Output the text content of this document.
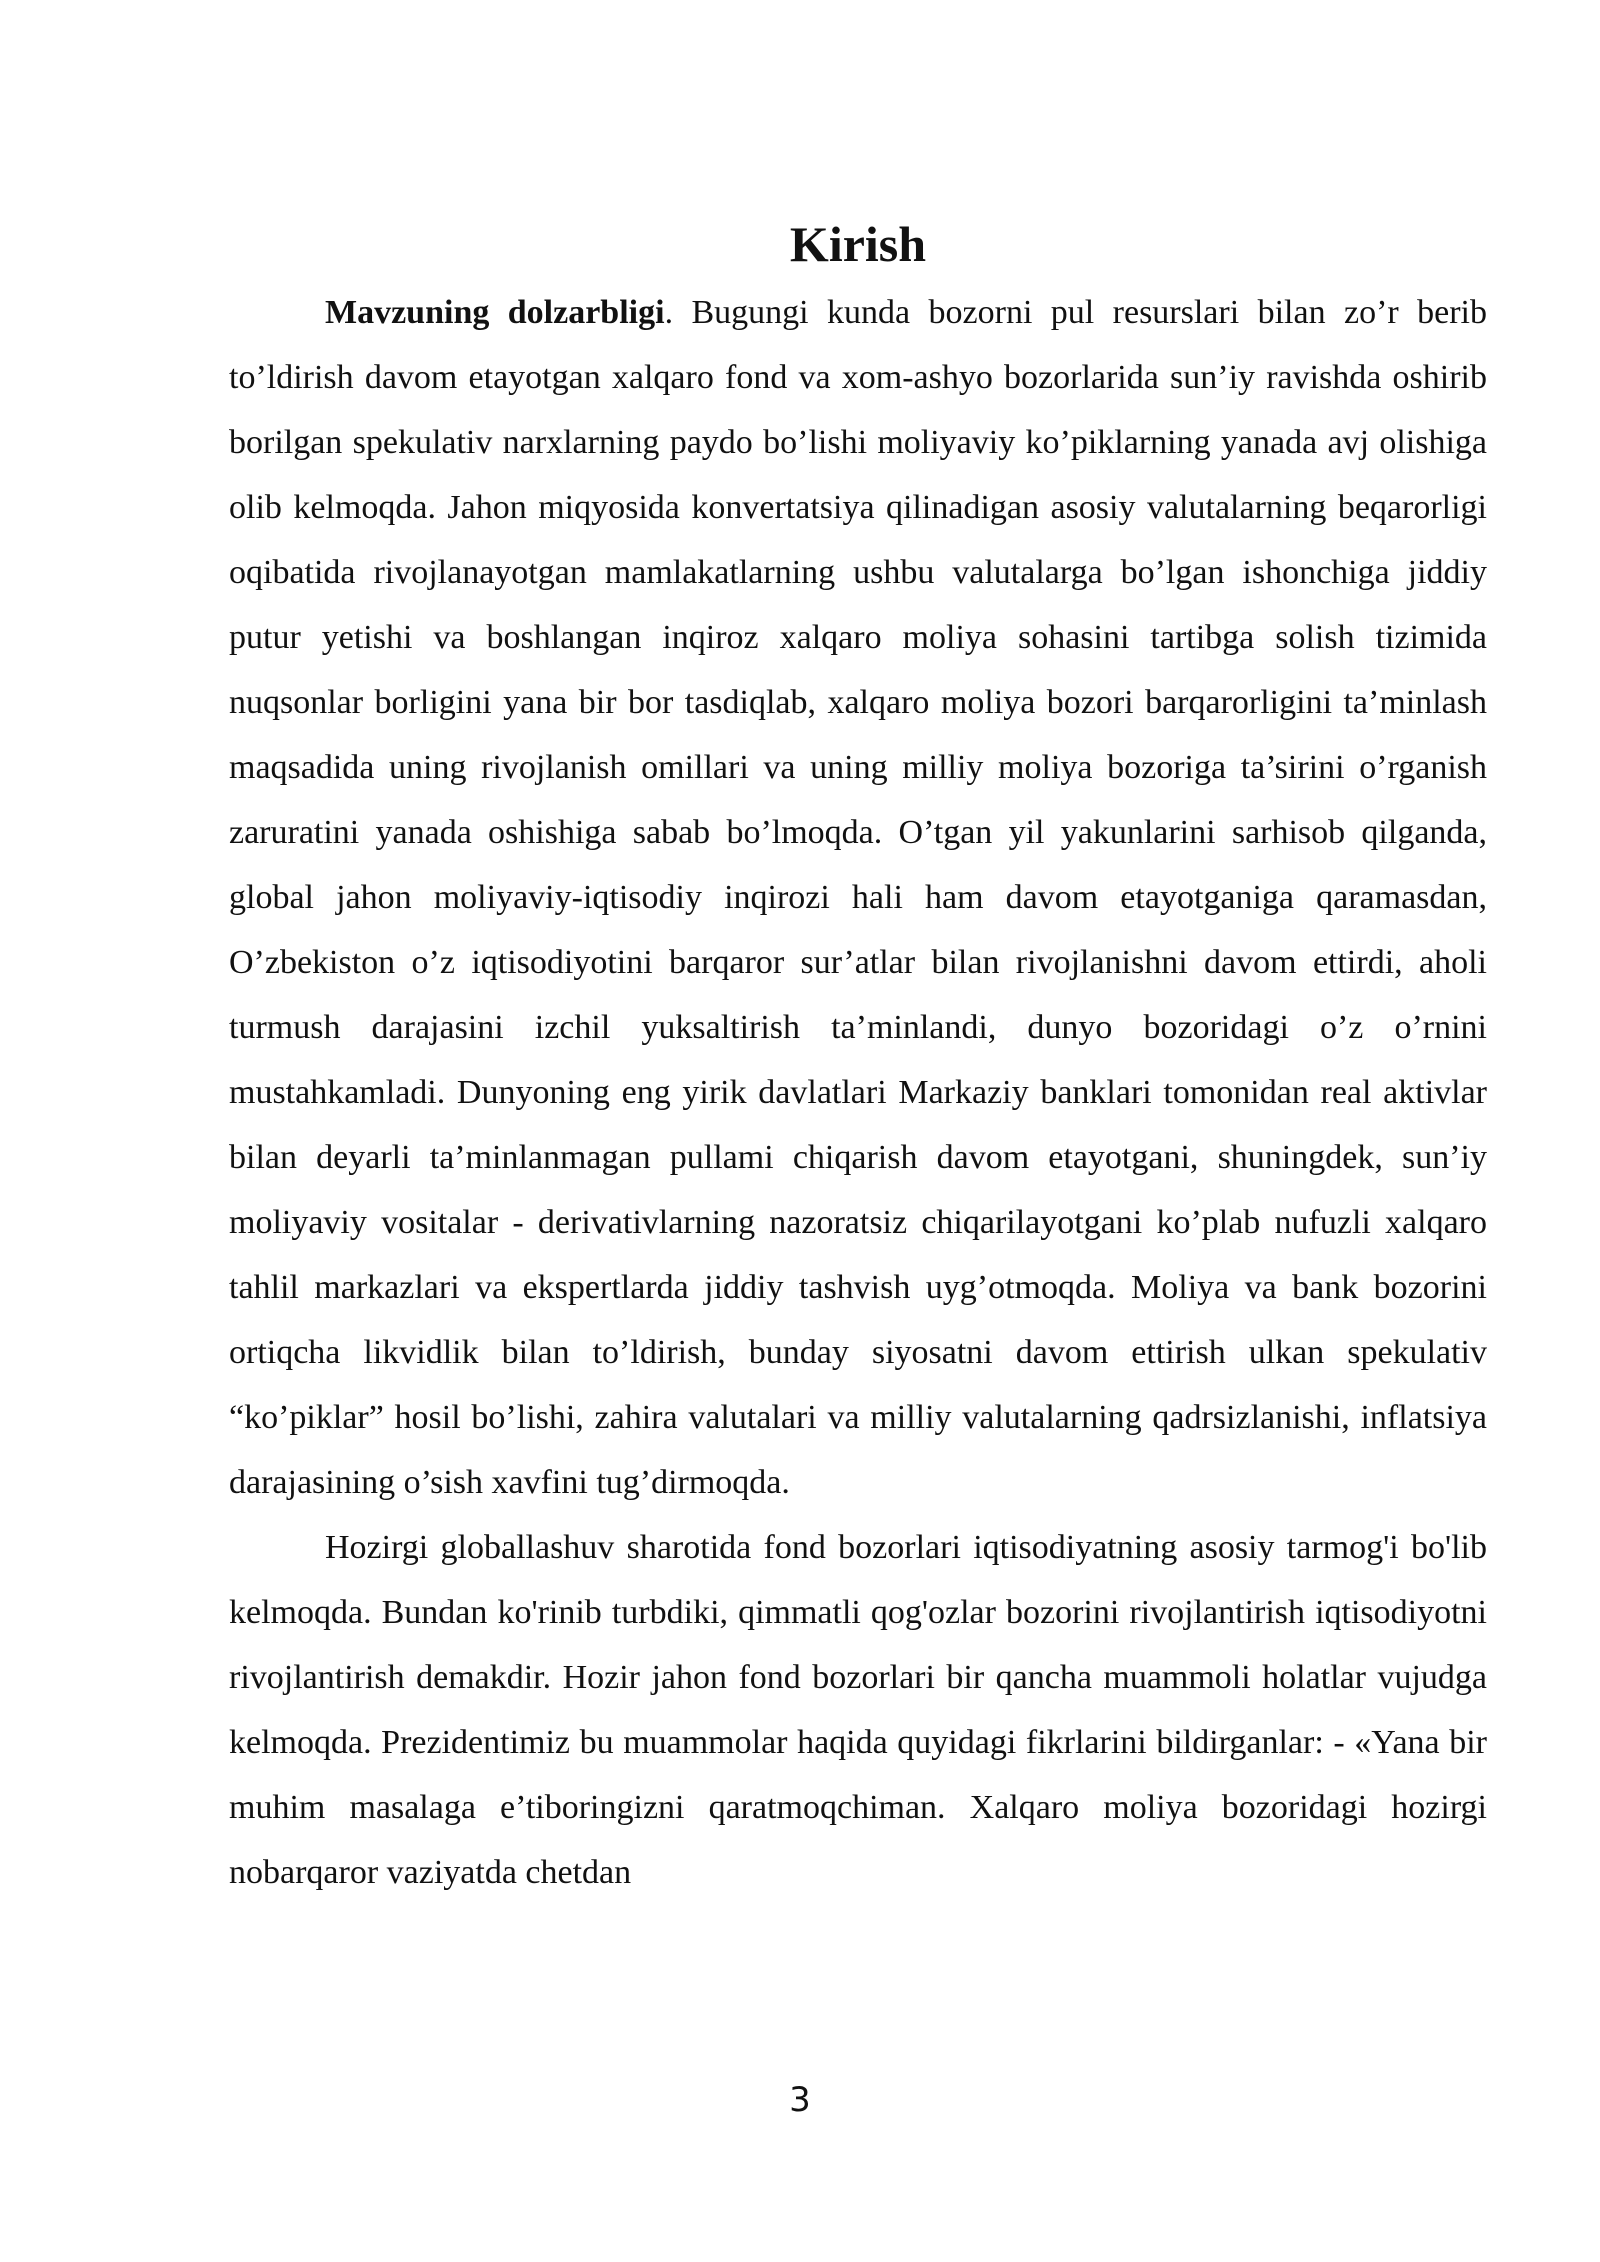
Kirish

Mavzuning dolzarbligi. Bugungi kunda bozorni pul resurslari bilan zo’r berib to’ldirish davom etayotgan xalqaro fond va xom-ashyo bozorlarida sun’iy ravishda oshirib borilgan spekulativ narxlarning paydo bo’lishi moliyaviy ko’piklarning yanada avj olishiga olib kelmoqda. Jahon miqyosida konvertatsiya qilinadigan asosiy valutalarning beqarorligi oqibatida rivojlanayotgan mamlakatlarning ushbu valutalarga bo’lgan ishonchiga jiddiy putur yetishi va boshlangan inqiroz xalqaro moliya sohasini tartibga solish tizimida nuqsonlar borligini yana bir bor tasdiqlab, xalqaro moliya bozori barqarorligini ta’minlash maqsadida uning rivojlanish omillari va uning milliy moliya bozoriga ta’sirini o’rganish zaruratini yanada oshishiga sabab bo’lmoqda. O’tgan yil yakunlarini sarhisob qilganda, global jahon moliyaviy-iqtisodiy inqirozi hali ham davom etayotganiga qaramasdan, O’zbekiston o’z iqtisodiyotini barqaror sur’atlar bilan rivojlanishni davom ettirdi, aholi turmush darajasini izchil yuksaltirish ta’minlandi, dunyo bozoridagi o’z o’rnini mustahkamladi. Dunyoning eng yirik davlatlari Markaziy banklari tomonidan real aktivlar bilan deyarli ta’minlanmagan pullami chiqarish davom etayotgani, shuningdek, sun’iy moliyaviy vositalar - derivativlarning nazoratsiz chiqarilayotgani ko’plab nufuzli xalqaro tahlil markazlari va ekspertlarda jiddiy tashvish uyg’otmoqda. Moliya va bank bozorini ortiqcha likvidlik bilan to’ldirish, bunday siyosatni davom ettirish ulkan spekulativ “ko’piklar” hosil bo’lishi, zahira valutalari va milliy valutalarning qadrsizlanishi, inflatsiya darajasining o’sish xavfini tug’dirmoqda.

Hozirgi globallashuv sharotida fond bozorlari iqtisodiyatning asosiy tarmog'i bo'lib kelmoqda. Bundan ko'rinib turbdiki, qimmatli qog'ozlar bozorini rivojlantirish iqtisodiyotni rivojlantirish demakdir. Hozir jahon fond bozorlari bir qancha muammoli holatlar vujudga kelmoqda. Prezidentimiz bu muammolar haqida quyidagi fikrlarini bildirganlar: - «Yana bir muhim masalaga e’tiboringizni qaratmoqchiman. Xalqaro moliya bozoridagi hozirgi nobarqaror vaziyatda chetdan

3
